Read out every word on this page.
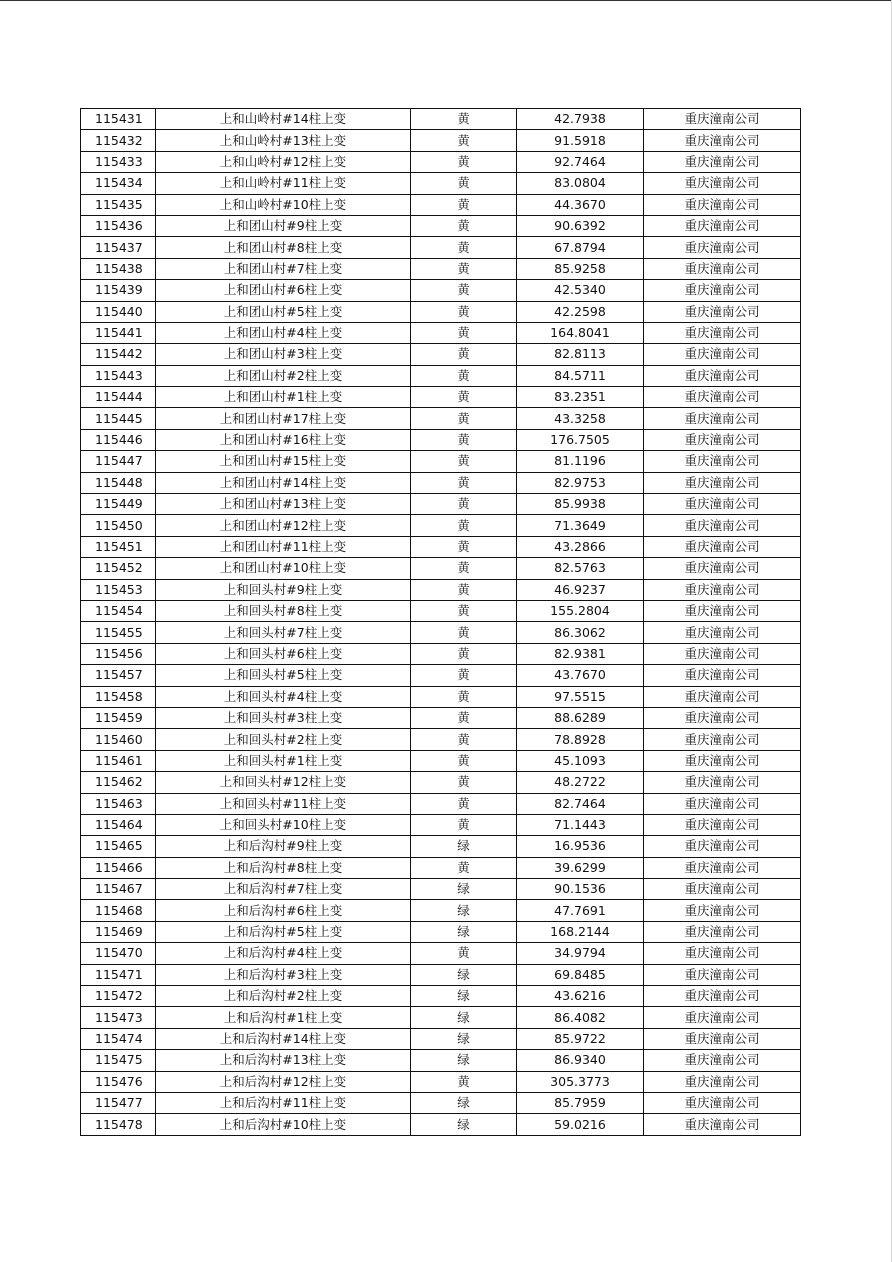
115431	上和山岭村#14柱上变	黄	42.7938	重庆潼南公司
115432	上和山岭村#13柱上变	黄	91.5918	重庆潼南公司
115433	上和山岭村#12柱上变	黄	92.7464	重庆潼南公司
115434	上和山岭村#11柱上变	黄	83.0804	重庆潼南公司
115435	上和山岭村#10柱上变	黄	44.3670	重庆潼南公司
115436	上和团山村#9柱上变	黄	90.6392	重庆潼南公司
115437	上和团山村#8柱上变	黄	67.8794	重庆潼南公司
115438	上和团山村#7柱上变	黄	85.9258	重庆潼南公司
115439	上和团山村#6柱上变	黄	42.5340	重庆潼南公司
115440	上和团山村#5柱上变	黄	42.2598	重庆潼南公司
115441	上和团山村#4柱上变	黄	164.8041	重庆潼南公司
115442	上和团山村#3柱上变	黄	82.8113	重庆潼南公司
115443	上和团山村#2柱上变	黄	84.5711	重庆潼南公司
115444	上和团山村#1柱上变	黄	83.2351	重庆潼南公司
115445	上和团山村#17柱上变	黄	43.3258	重庆潼南公司
115446	上和团山村#16柱上变	黄	176.7505	重庆潼南公司
115447	上和团山村#15柱上变	黄	81.1196	重庆潼南公司
115448	上和团山村#14柱上变	黄	82.9753	重庆潼南公司
115449	上和团山村#13柱上变	黄	85.9938	重庆潼南公司
115450	上和团山村#12柱上变	黄	71.3649	重庆潼南公司
115451	上和团山村#11柱上变	黄	43.2866	重庆潼南公司
115452	上和团山村#10柱上变	黄	82.5763	重庆潼南公司
115453	上和回头村#9柱上变	黄	46.9237	重庆潼南公司
115454	上和回头村#8柱上变	黄	155.2804	重庆潼南公司
115455	上和回头村#7柱上变	黄	86.3062	重庆潼南公司
115456	上和回头村#6柱上变	黄	82.9381	重庆潼南公司
115457	上和回头村#5柱上变	黄	43.7670	重庆潼南公司
115458	上和回头村#4柱上变	黄	97.5515	重庆潼南公司
115459	上和回头村#3柱上变	黄	88.6289	重庆潼南公司
115460	上和回头村#2柱上变	黄	78.8928	重庆潼南公司
115461	上和回头村#1柱上变	黄	45.1093	重庆潼南公司
115462	上和回头村#12柱上变	黄	48.2722	重庆潼南公司
115463	上和回头村#11柱上变	黄	82.7464	重庆潼南公司
115464	上和回头村#10柱上变	黄	71.1443	重庆潼南公司
115465	上和后沟村#9柱上变	绿	16.9536	重庆潼南公司
115466	上和后沟村#8柱上变	黄	39.6299	重庆潼南公司
115467	上和后沟村#7柱上变	绿	90.1536	重庆潼南公司
115468	上和后沟村#6柱上变	绿	47.7691	重庆潼南公司
115469	上和后沟村#5柱上变	绿	168.2144	重庆潼南公司
115470	上和后沟村#4柱上变	黄	34.9794	重庆潼南公司
115471	上和后沟村#3柱上变	绿	69.8485	重庆潼南公司
115472	上和后沟村#2柱上变	绿	43.6216	重庆潼南公司
115473	上和后沟村#1柱上变	绿	86.4082	重庆潼南公司
115474	上和后沟村#14柱上变	绿	85.9722	重庆潼南公司
115475	上和后沟村#13柱上变	绿	86.9340	重庆潼南公司
115476	上和后沟村#12柱上变	黄	305.3773	重庆潼南公司
115477	上和后沟村#11柱上变	绿	85.7959	重庆潼南公司
115478	上和后沟村#10柱上变	绿	59.0216	重庆潼南公司
